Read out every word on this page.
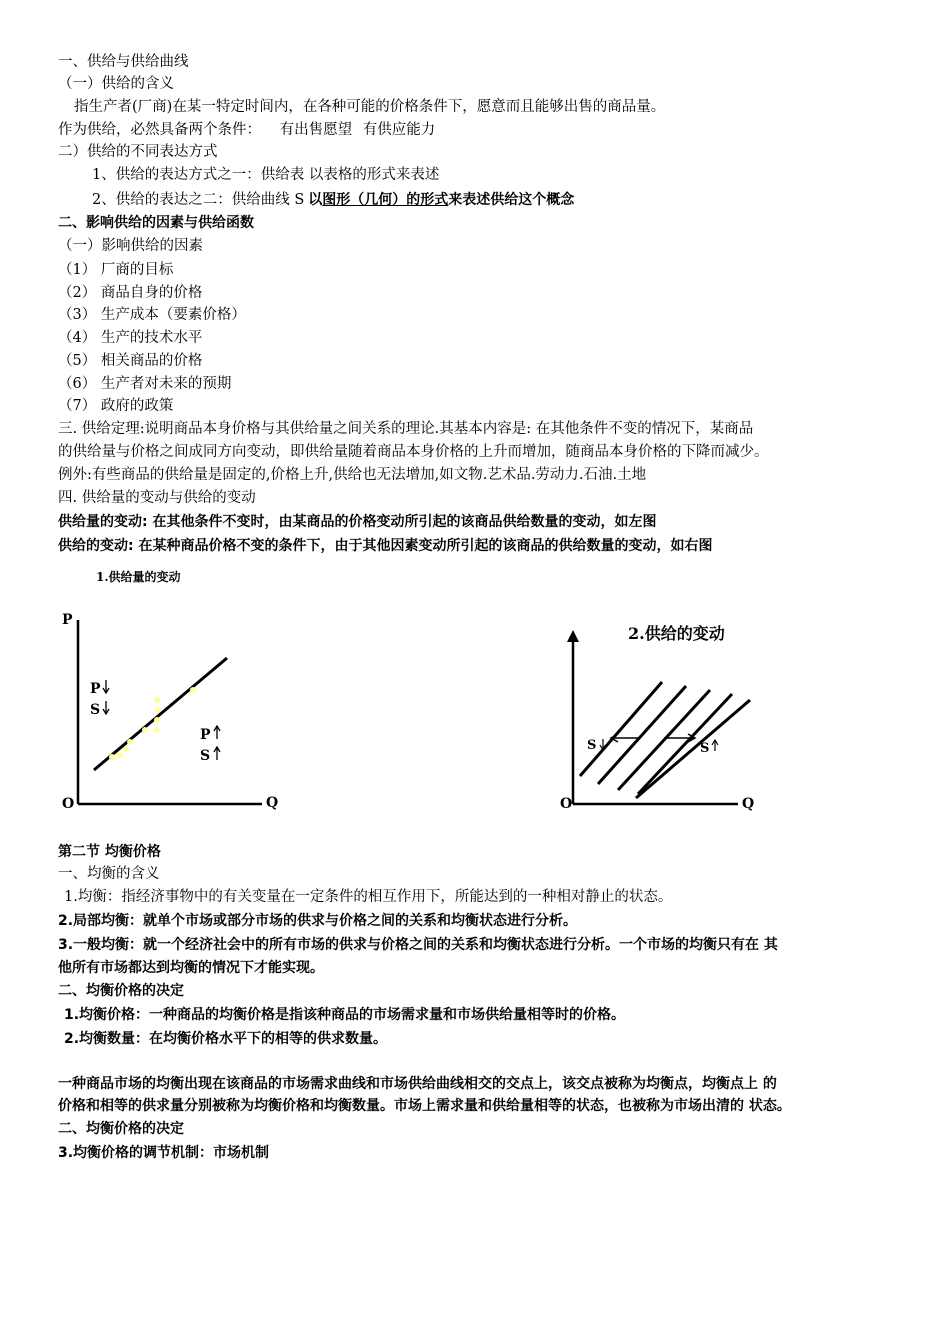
一、供给与供给曲线
（一）供给的含义
指生产者(厂商)在某一特定时间内，在各种可能的价格条件下，愿意而且能够出售的商品量。
作为供给，必然具备两个条件： 有出售愿望 有供应能力
二）供给的不同表达方式
1、供给的表达方式之一：供给表 以表格的形式来表述
2、供给的表达之二：供给曲线 S 以图形（几何）的形式来表述供给这个概念
二、影响供给的因素与供给函数
（一）影响供给的因素
（1） 厂商的目标
（2） 商品自身的价格
（3） 生产成本（要素价格）
（4） 生产的技术水平
（5） 相关商品的价格
（6） 生产者对未来的预期
（7） 政府的政策
三. 供给定理:说明商品本身价格与其供给量之间关系的理论.其基本内容是: 在其他条件不变的情况下，某商品
的供给量与价格之间成同方向变动，即供给量随着商品本身价格的上升而增加，随商品本身价格的下降而减少。
例外:有些商品的供给量是固定的,价格上升,供给也无法增加,如文物.艺术品.劳动力.石油.土地
四. 供给量的变动与供给的变动
供给量的变动: 在其他条件不变时，由某商品的价格变动所引起的该商品供给数量的变动，如左图
供给的变动: 在某种商品价格不变的条件下，由于其他因素变动所引起的该商品的供给数量的变动，如右图
1.供给量的变动
P
Q
O
P
S
P
S
2.供给的变动
O	Q
S	S
第二节 均衡价格
一、均衡的含义
1.均衡：指经济事物中的有关变量在一定条件的相互作用下，所能达到的一种相对静止的状态。
2.局部均衡：就单个市场或部分市场的供求与价格之间的关系和均衡状态进行分析。
3.一般均衡：就一个经济社会中的所有市场的供求与价格之间的关系和均衡状态进行分析。一个市场的均衡只有在 其
他所有市场都达到均衡的情况下才能实现。
二、均衡价格的决定
1.均衡价格：一种商品的均衡价格是指该种商品的市场需求量和市场供给量相等时的价格。
2.均衡数量：在均衡价格水平下的相等的供求数量。
一种商品市场的均衡出现在该商品的市场需求曲线和市场供给曲线相交的交点上，该交点被称为均衡点，均衡点上 的
价格和相等的供求量分别被称为均衡价格和均衡数量。市场上需求量和供给量相等的状态，也被称为市场出清的 状态。
二、均衡价格的决定
3.均衡价格的调节机制：市场机制
